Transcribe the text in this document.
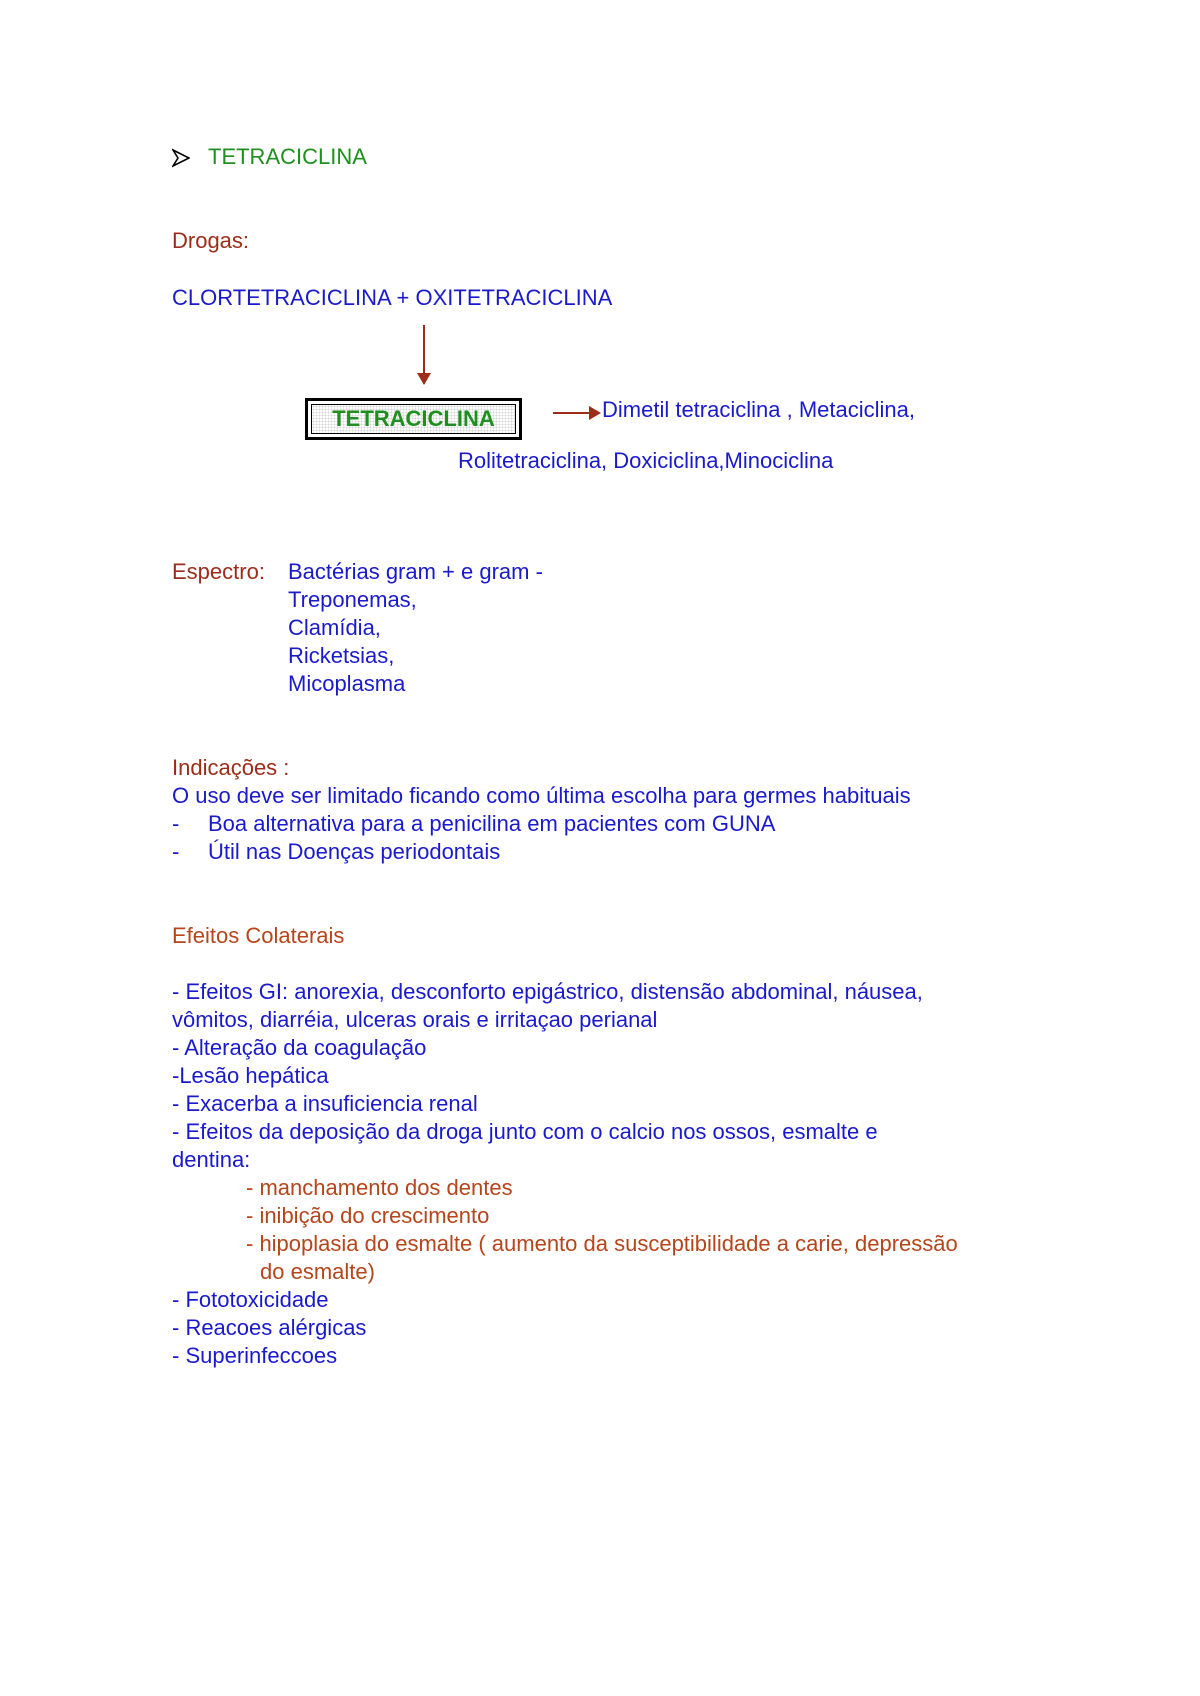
TETRACICLINA
Drogas:
CLORTETRACICLINA + OXITETRACICLINA
TETRACICLINA	Dimetil tetraciclina , Metaciclina,
Rolitetraciclina, Doxiciclina,Minociclina
Espectro: Bactérias gram + e gram -
Treponemas,
Clamídia,
Ricketsias,
Micoplasma
Indicações :
O uso deve ser limitado ficando como última escolha para germes habituais
- Boa alternativa para a penicilina em pacientes com GUNA
- Útil nas Doenças periodontais
Efeitos Colaterais
- Efeitos GI: anorexia, desconforto epigástrico, distensão abdominal, náusea,
vômitos, diarréia, ulceras orais e irritaçao perianal
- Alteração da coagulação
-Lesão hepática
- Exacerba a insuficiencia renal
- Efeitos da deposição da droga junto com o calcio nos ossos, esmalte e
dentina:
- manchamento dos dentes
- inibição do crescimento
- hipoplasia do esmalte ( aumento da susceptibilidade a carie, depressão
do esmalte)
- Fototoxicidade
- Reacoes alérgicas
- Superinfeccoes
